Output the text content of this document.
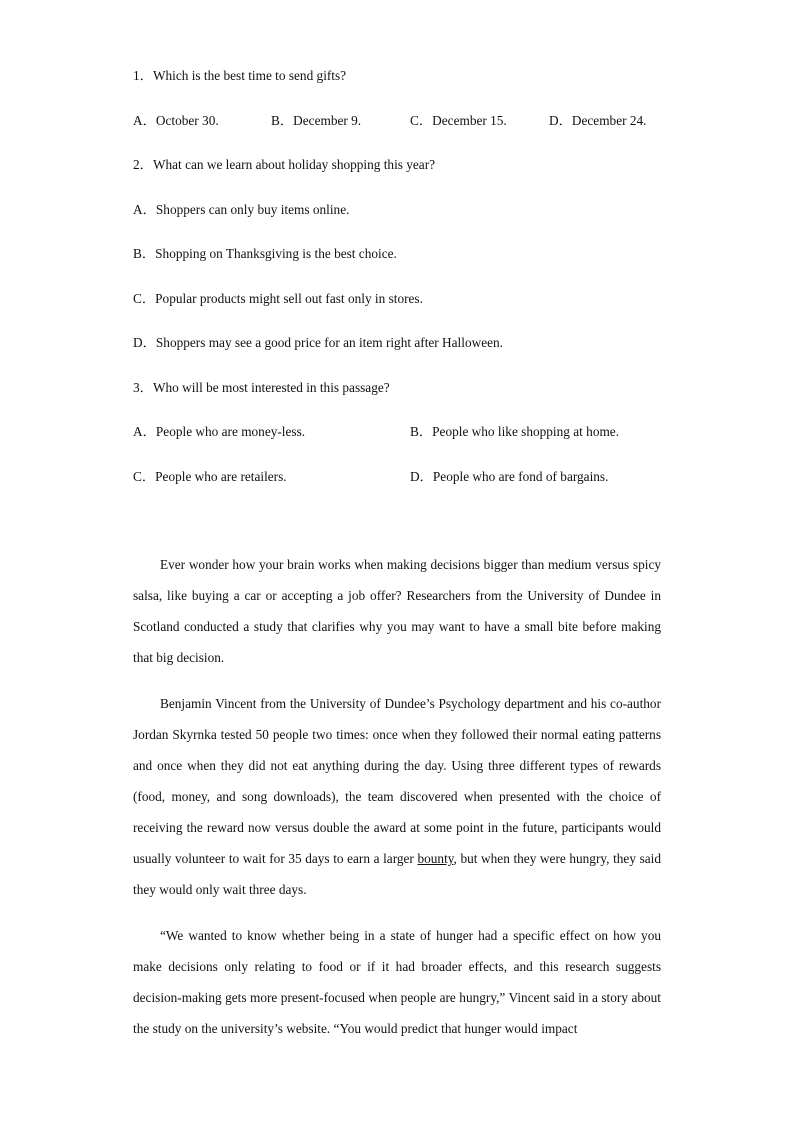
1．Which is the best time to send gifts?
A．October 30.	B．December 9.	C．December 15.	D．December 24.
2．What can we learn about holiday shopping this year?
A．Shoppers can only buy items online.
B．Shopping on Thanksgiving is the best choice.
C．Popular products might sell out fast only in stores.
D．Shoppers may see a good price for an item right after Halloween.
3．Who will be most interested in this passage?
A．People who are money-less.	B．People who like shopping at home.
C．People who are retailers.	D．People who are fond of bargains.

Ever wonder how your brain works when making decisions bigger than medium versus spicy salsa, like buying a car or accepting a job offer? Researchers from the University of Dundee in Scotland conducted a study that clarifies why you may want to have a small bite before making that big decision.

Benjamin Vincent from the University of Dundee’s Psychology department and his co-author Jordan Skyrnka tested 50 people two times: once when they followed their normal eating patterns and once when they did not eat anything during the day. Using three different types of rewards (food, money, and song downloads), the team discovered when presented with the choice of receiving the reward now versus double the award at some point in the future, participants would usually volunteer to wait for 35 days to earn a larger bounty, but when they were hungry, they said they would only wait three days.

“We wanted to know whether being in a state of hunger had a specific effect on how you make decisions only relating to food or if it had broader effects, and this research suggests decision-making gets more present-focused when people are hungry,” Vincent said in a story about the study on the university’s website. “You would predict that hunger would impact
